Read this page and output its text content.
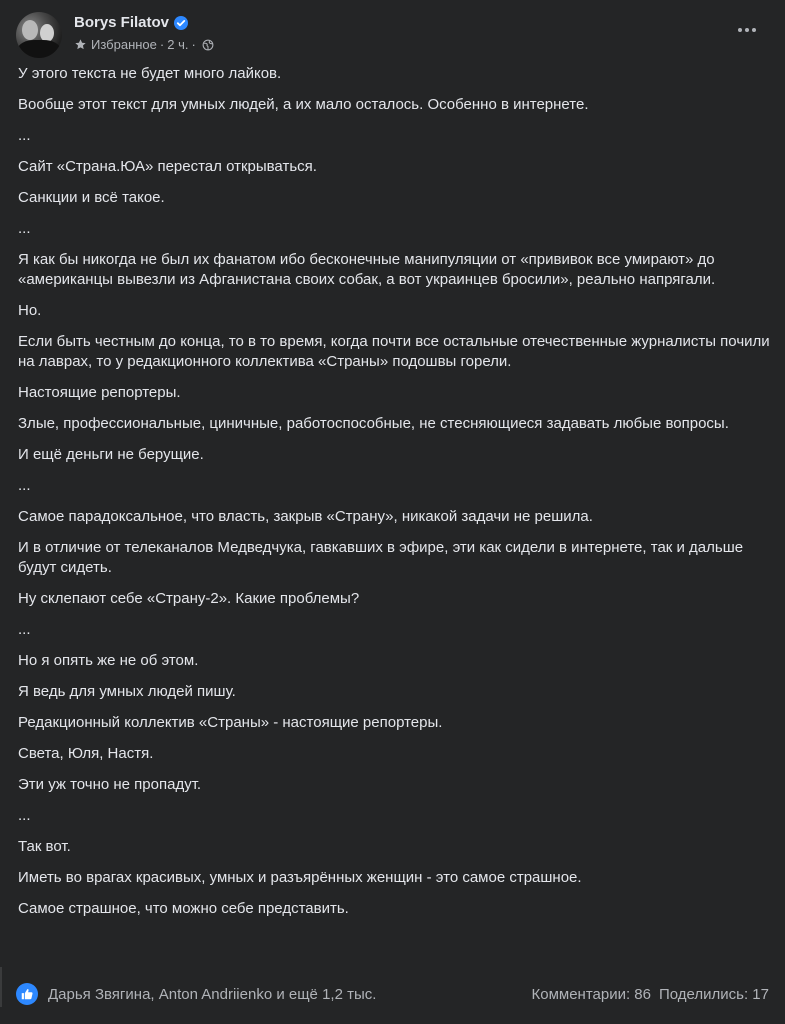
Borys Filatov
Избранное · 2 ч. ·

У этого текста не будет много лайков.

Вообще этот текст для умных людей, а их мало осталось. Особенно в интернете.

...

Сайт «Страна.ЮА» перестал открываться.

Санкции и всё такое.

...

Я как бы никогда не был их фанатом ибо бесконечные манипуляции от «прививок все умирают» до «американцы вывезли из Афганистана своих собак, а вот украинцев бросили», реально напрягали.

Но.

Если быть честным до конца, то в то время, когда почти все остальные отечественные журналисты почили на лаврах, то у редакционного коллектива «Страны» подошвы горели.

Настоящие репортеры.

Злые, профессиональные, циничные, работоспособные, не стесняющиеся задавать любые вопросы.

И ещё деньги не берущие.

...

Самое парадоксальное, что власть, закрыв «Страну», никакой задачи не решила.

И в отличие от телеканалов Медведчука, гавкавших в эфире, эти как сидели в интернете, так и дальше будут сидеть.

Ну склепают себе «Страну-2». Какие проблемы?

...

Но я опять же не об этом.

Я ведь для умных людей пишу.

Редакционный коллектив «Страны» - настоящие репортеры.

Света, Юля, Настя.

Эти уж точно не пропадут.

...

Так вот.

Иметь во врагах красивых, умных и разъярённых женщин - это самое страшное.

Самое страшное, что можно себе представить.

Дарья Звягина, Anton Andriienko и ещё 1,2 тыс.	Комментарии: 86 Поделились: 17
